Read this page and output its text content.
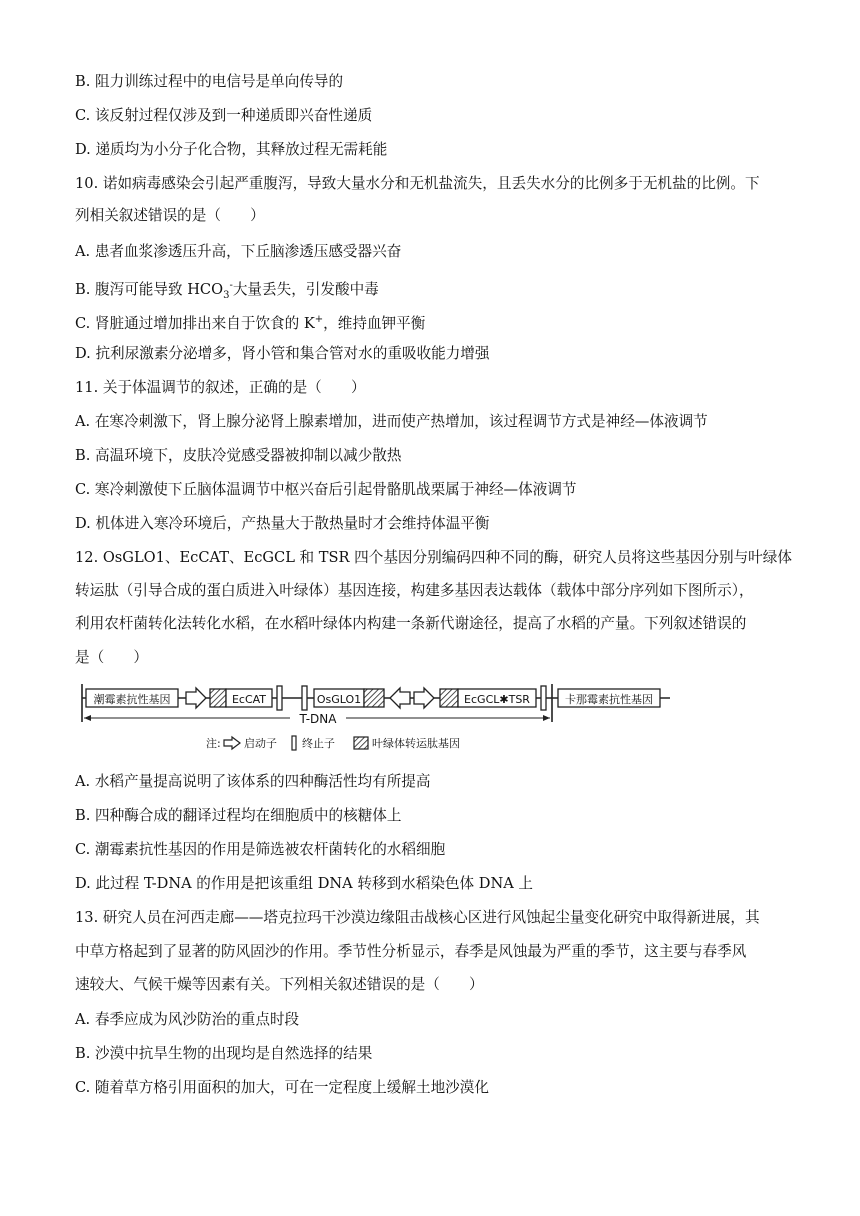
B. 阻力训练过程中的电信号是单向传导的
C. 该反射过程仅涉及到一种递质即兴奋性递质
D. 递质均为小分子化合物，其释放过程无需耗能
10. 诺如病毒感染会引起严重腹泻，导致大量水分和无机盐流失，且丢失水分的比例多于无机盐的比例。下
列相关叙述错误的是（　　）
A. 患者血浆渗透压升高，下丘脑渗透压感受器兴奋
B. 腹泻可能导致 $HCO_3^-$大量丢失，引发酸中毒
C. 肾脏通过增加排出来自于饮食的 K+，维持血钾平衡
D. 抗利尿激素分泌增多，肾小管和集合管对水的重吸收能力增强
11. 关于体温调节的叙述，正确的是（　　）
A. 在寒冷刺激下，肾上腺分泌肾上腺素增加，进而使产热增加，该过程调节方式是神经—体液调节
B. 高温环境下，皮肤冷觉感受器被抑制以减少散热
C. 寒冷刺激使下丘脑体温调节中枢兴奋后引起骨骼肌战栗属于神经—体液调节
D. 机体进入寒冷环境后，产热量大于散热量时才会维持体温平衡
12. OsGLO1、EcCAT、EcGCL 和 TSR 四个基因分别编码四种不同的酶，研究人员将这些基因分别与叶绿体
转运肽（引导合成的蛋白质进入叶绿体）基因连接，构建多基因表达载体（载体中部分序列如下图所示），
利用农杆菌转化法转化水稻，在水稻叶绿体内构建一条新代谢途径，提高了水稻的产量。下列叙述错误的
是（　　）
潮霉素抗性基因	EcCAT	OsGLO1	EcGCL✱TSR	卡那霉素抗性基因
T-DNA
注: 启动子 终止子	叶绿体转运肽基因
A. 水稻产量提高说明了该体系的四种酶活性均有所提高
B. 四种酶合成的翻译过程均在细胞质中的核糖体上
C. 潮霉素抗性基因的作用是筛选被农杆菌转化的水稻细胞
D. 此过程 T-DNA 的作用是把该重组 DNA 转移到水稻染色体 DNA 上
13. 研究人员在河西走廊——塔克拉玛干沙漠边缘阻击战核心区进行风蚀起尘量变化研究中取得新进展，其
中草方格起到了显著的防风固沙的作用。季节性分析显示，春季是风蚀最为严重的季节，这主要与春季风
速较大、气候干燥等因素有关。下列相关叙述错误的是（　　）
A. 春季应成为风沙防治的重点时段
B. 沙漠中抗旱生物的出现均是自然选择的结果
C. 随着草方格引用面积的加大，可在一定程度上缓解土地沙漠化
